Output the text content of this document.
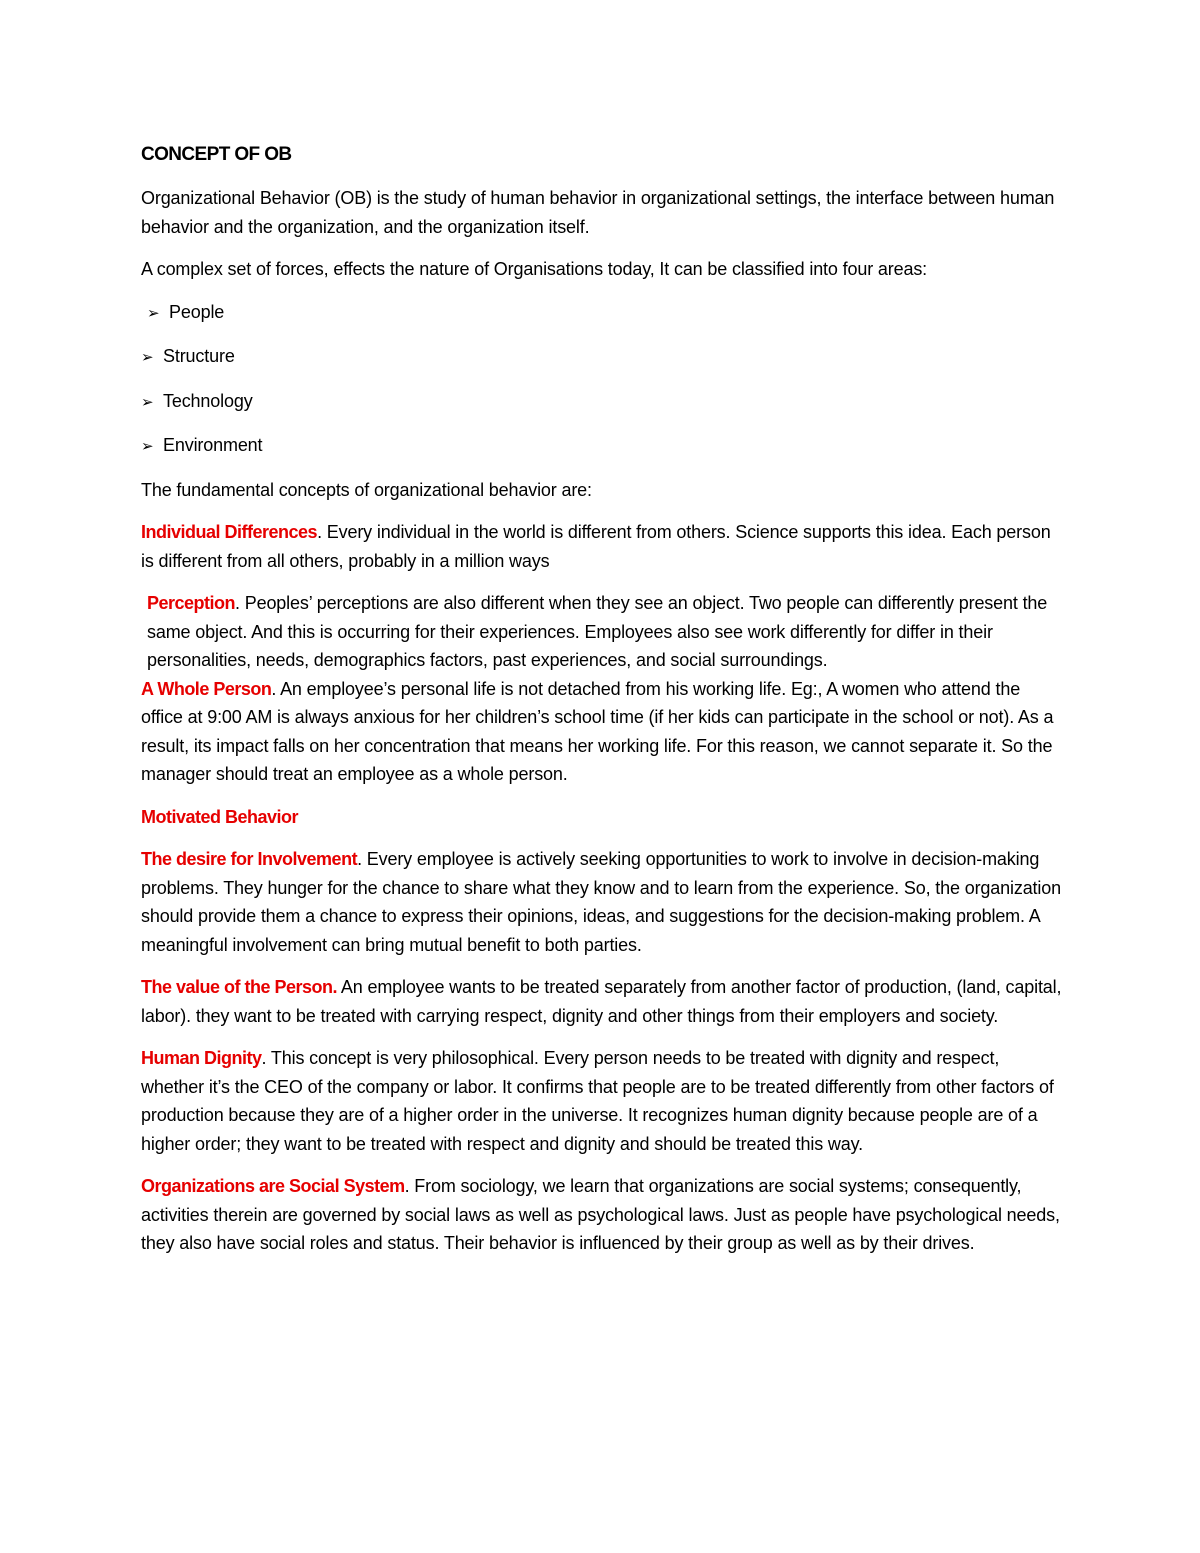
CONCEPT OF OB

Organizational Behavior (OB) is the study of human behavior in organizational settings, the interface between human behavior and the organization, and the organization itself.

A complex set of forces, effects the nature of Organisations today, It can be classified into four areas:

➢ People
➢ Structure
➢ Technology
➢ Environment

The fundamental concepts of organizational behavior are:

Individual Differences. Every individual in the world is different from others. Science supports this idea. Each person is different from all others, probably in a million ways

Perception. Peoples’ perceptions are also different when they see an object. Two people can differently present the same object. And this is occurring for their experiences. Employees also see work differently for differ in their personalities, needs, demographics factors, past experiences, and social surroundings.

A Whole Person. An employee’s personal life is not detached from his working life. Eg:, A women who attend the office at 9:00 AM is always anxious for her children’s school time (if her kids can participate in the school or not). As a result, its impact falls on her concentration that means her working life. For this reason, we cannot separate it. So the manager should treat an employee as a whole person.

Motivated Behavior

The desire for Involvement. Every employee is actively seeking opportunities to work to involve in decision-making problems. They hunger for the chance to share what they know and to learn from the experience. So, the organization should provide them a chance to express their opinions, ideas, and suggestions for the decision-making problem. A meaningful involvement can bring mutual benefit to both parties.

The value of the Person. An employee wants to be treated separately from another factor of production, (land, capital, labor). they want to be treated with carrying respect, dignity and other things from their employers and society.

Human Dignity. This concept is very philosophical. Every person needs to be treated with dignity and respect, whether it’s the CEO of the company or labor. It confirms that people are to be treated differently from other factors of production because they are of a higher order in the universe. It recognizes human dignity because people are of a higher order; they want to be treated with respect and dignity and should be treated this way.

Organizations are Social System. From sociology, we learn that organizations are social systems; consequently, activities therein are governed by social laws as well as psychological laws. Just as people have psychological needs, they also have social roles and status. Their behavior is influenced by their group as well as by their drives.
